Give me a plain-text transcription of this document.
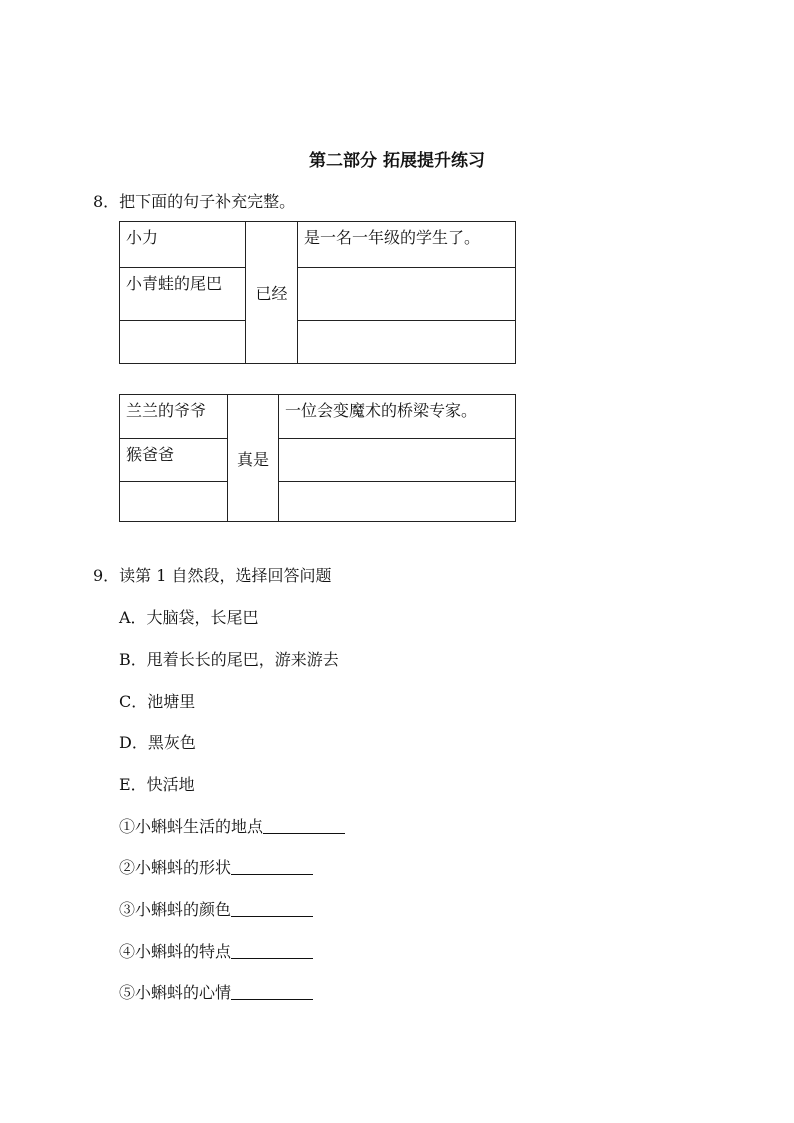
第二部分 拓展提升练习
8．把下面的句子补充完整。
小力	已经	是一名一年级的学生了。

小青蛙的尾巴		

兰兰的爷爷	真是	一位会变魔术的桥梁专家。

猴爸爸		

9．读第 1 自然段，选择回答问题
A．大脑袋，长尾巴
B．甩着长长的尾巴，游来游去
C．池塘里
D．黑灰色
E．快活地
①小蝌蚪生活的地点
②小蝌蚪的形状
③小蝌蚪的颜色
④小蝌蚪的特点
⑤小蝌蚪的心情
